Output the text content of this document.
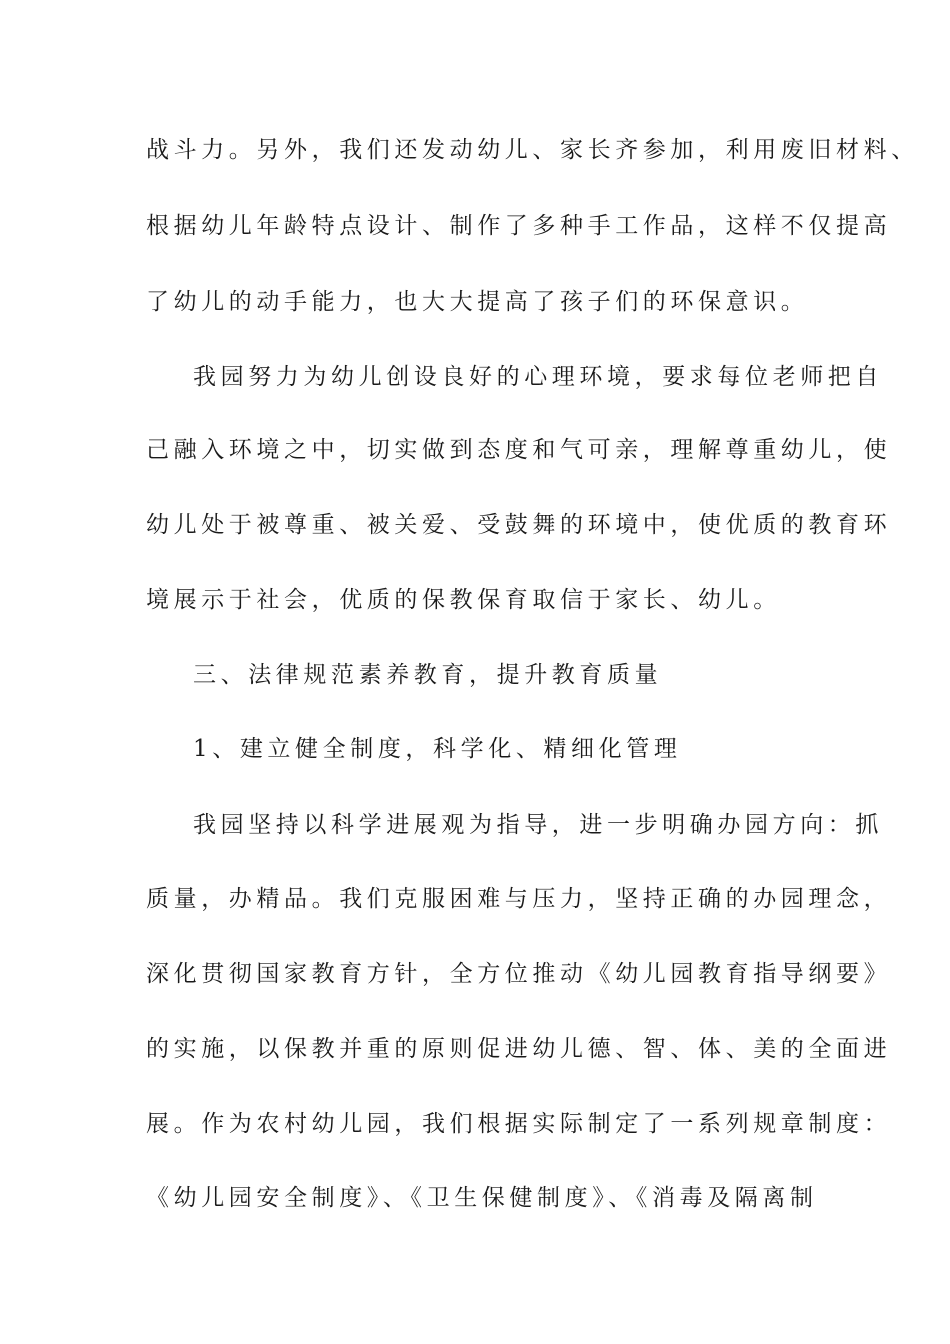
战斗力。另外，我们还发动幼儿、家长齐参加，利用废旧材料、
根据幼儿年龄特点设计、制作了多种手工作品，这样不仅提高
了幼儿的动手能力，也大大提高了孩子们的环保意识。
我园努力为幼儿创设良好的心理环境，要求每位老师把自
己融入环境之中，切实做到态度和气可亲，理解尊重幼儿，使
幼儿处于被尊重、被关爱、受鼓舞的环境中，使优质的教育环
境展示于社会，优质的保教保育取信于家长、幼儿。
三、法律规范素养教育，提升教育质量
1、建立健全制度，科学化、精细化管理
我园坚持以科学进展观为指导，进一步明确办园方向：抓
质量，办精品。我们克服困难与压力，坚持正确的办园理念，
深化贯彻国家教育方针，全方位推动《幼儿园教育指导纲要》
的实施，以保教并重的原则促进幼儿德、智、体、美的全面进
展。作为农村幼儿园，我们根据实际制定了一系列规章制度：
《幼儿园安全制度》、《卫生保健制度》、《消毒及隔离制
